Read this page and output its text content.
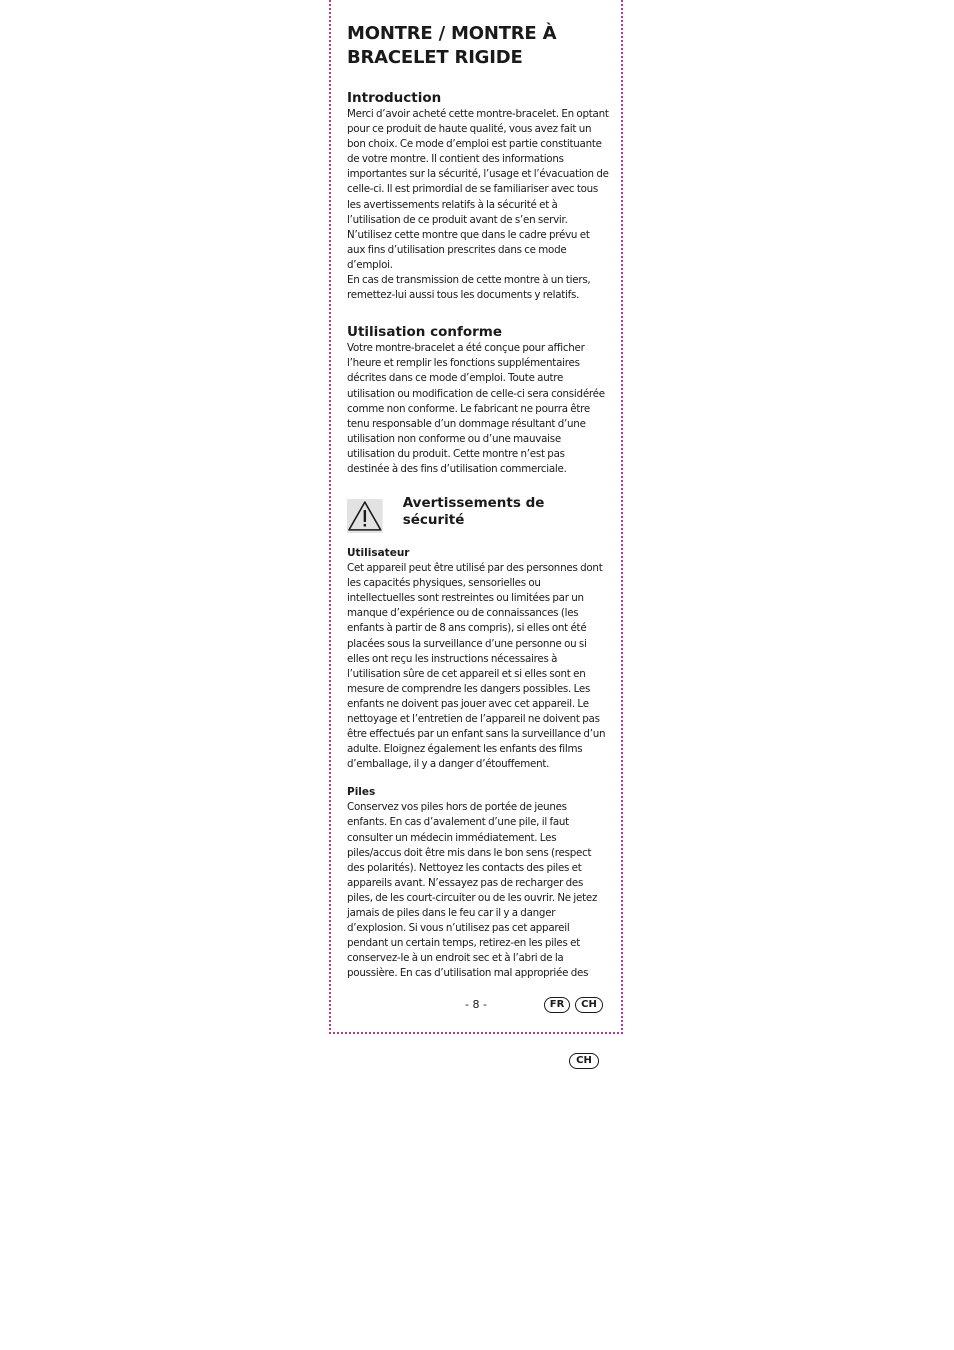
MONTRE / MONTRE À BRACELET RIGIDE
Introduction

Merci d’avoir acheté cette montre-bracelet. En optant pour ce produit de haute qualité, vous avez fait un bon choix. Ce mode d’emploi est partie constituante de votre montre. Il contient des informations importantes sur la sécurité, l’usage et l’évacuation de celle-ci. Il est primordial de se familiariser avec tous les avertissements relatifs à la sécurité et à l’utilisation de ce produit avant de s’en servir. N’utilisez cette montre que dans le cadre prévu et aux fins d’utilisation prescrites dans ce mode d’emploi.

En cas de transmission de cette montre à un tiers, remettez-lui aussi tous les documents y relatifs.

Utilisation conforme

Votre montre-bracelet a été conçue pour afficher l’heure et remplir les fonctions supplémentaires décrites dans ce mode d’emploi. Toute autre utilisation ou modification de celle-ci sera considérée comme non conforme. Le fabricant ne pourra être tenu responsable d’un dommage résultant d’une utilisation non conforme ou d’une mauvaise utilisation du produit. Cette montre n’est pas destinée à des fins d’utilisation commerciale.

Avertissements de sécurité
Utilisateur

Cet appareil peut être utilisé par des personnes dont les capacités physiques, sensorielles ou intellectuelles sont restreintes ou limitées par un manque d’expérience ou de connaissances (les enfants à partir de 8 ans compris), si elles ont été placées sous la surveillance d’une personne ou si elles ont reçu les instructions nécessaires à l’utilisation sûre de cet appareil et si elles sont en mesure de comprendre les dangers possibles. Les enfants ne doivent pas jouer avec cet appareil. Le nettoyage et l’entretien de l’appareil ne doivent pas être effectués par un enfant sans la surveillance d’un adulte. Eloignez également les enfants des films d’emballage, il y a danger d’étouffement.

Piles

Conservez vos piles hors de portée de jeunes enfants. En cas d’avalement d’une pile, il faut consulter un médecin immédiatement. Les piles/accus doit être mis dans le bon sens (respect des polarités). Nettoyez les contacts des piles et appareils avant. N’essayez pas de recharger des piles, de les court-circuiter ou de les ouvrir. Ne jetez jamais de piles dans le feu car il y a danger d’explosion. Si vous n’utilisez pas cet appareil pendant un certain temps, retirez-en les piles et conservez-le à un endroit sec et à l’abri de la poussière. En cas d’utilisation mal appropriée des

- 8 -	FR	CH
CH
